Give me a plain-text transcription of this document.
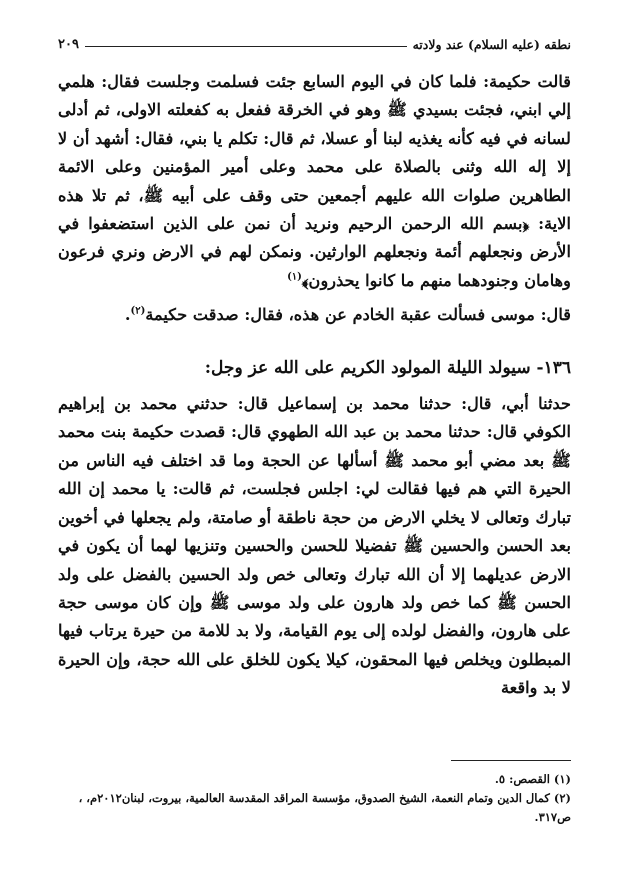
نطقه (عليه السلام) عند ولادته
٢٠٩

قالت حكيمة: فلما كان في اليوم السابع جئت فسلمت وجلست فقال: هلمي إلي ابني، فجئت بسيدي ﷺ وهو في الخرقة ففعل به كفعلته الاولى، ثم أدلى لسانه في فيه كأنه يغذيه لبنا أو عسلا، ثم قال: تكلم يا بني، فقال: أشهد أن لا إلا إله الله وثنى بالصلاة على محمد وعلى أمير المؤمنين وعلى الائمة الطاهرين صلوات الله عليهم أجمعين حتى وقف على أبيه ﷺ، ثم تلا هذه الاية: ﴿بسم الله الرحمن الرحيم ونريد أن نمن على الذين استضعفوا في الأرض ونجعلهم أئمة ونجعلهم الوارثين. ونمكن لهم في الارض ونري فرعون وهامان وجنودهما منهم ما كانوا يحذرون﴾$^{(١)}$

قال: موسى فسألت عقبة الخادم عن هذه، فقال: صدقت حكيمة$^{(٢)}$.

١٣٦- سيولد الليلة المولود الكريم على الله عز وجل:

حدثنا أبي، قال: حدثنا محمد بن إسماعيل قال: حدثني محمد بن إبراهيم الكوفي قال: حدثنا محمد بن عبد الله الطهوي قال: قصدت حكيمة بنت محمد ﷺ بعد مضي أبو محمد ﷺ أسألها عن الحجة وما قد اختلف فيه الناس من الحيرة التي هم فيها فقالت لي: اجلس فجلست، ثم قالت: يا محمد إن الله تبارك وتعالى لا يخلي الارض من حجة ناطقة أو صامتة، ولم يجعلها في أخوين بعد الحسن والحسين ﷺ تفضيلا للحسن والحسين وتنزيها لهما أن يكون في الارض عديلهما إلا أن الله تبارك وتعالى خص ولد الحسين بالفضل على ولد الحسن ﷺ كما خص ولد هارون على ولد موسى ﷺ وإن كان موسى حجة على هارون، والفضل لولده إلى يوم القيامة، ولا بد للامة من حيرة يرتاب فيها المبطلون ويخلص فيها المحقون، كيلا يكون للخلق على الله حجة، وإن الحيرة لا بد واقعة

(١) القصص: ٥.

(٢) كمال الدين وتمام النعمة، الشيخ الصدوق، مؤسسة المراقد المقدسة العالمية، بيروت، لبنان٢٠١٢م، ، ص٣١٧.
